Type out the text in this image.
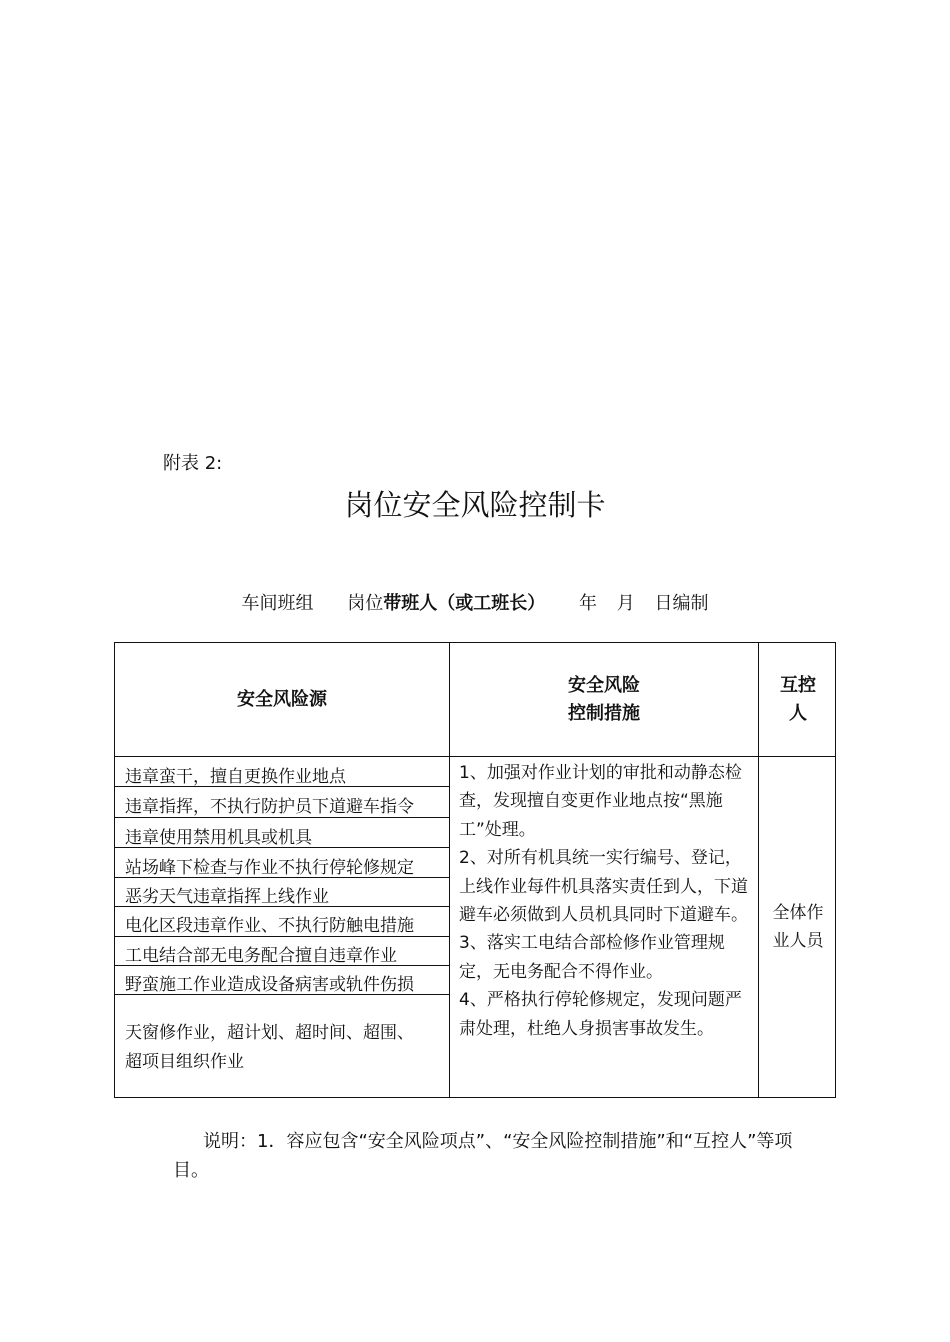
附表 2:
岗位安全风险控制卡
车间班组 岗位带班人（或工班长） 年 月 日编制
安全风险源
安全风险
控制措施
互控
人
违章蛮干，擅自更换作业地点
违章指挥，不执行防护员下道避车指令
违章使用禁用机具或机具
站场峰下检查与作业不执行停轮修规定
恶劣天气违章指挥上线作业
电化区段违章作业、不执行防触电措施
工电结合部无电务配合擅自违章作业
野蛮施工作业造成设备病害或轨件伤损
天窗修作业，超计划、超时间、超围、
超项目组织作业

1、加强对作业计划的审批和动静态检查，发现擅自变更作业地点按“黑施工”处理。

2、对所有机具统一实行编号、登记，上线作业每件机具落实责任到人，下道避车必须做到人员机具同时下道避车。

3、落实工电结合部检修作业管理规定，无电务配合不得作业。

4、严格执行停轮修规定，发现问题严肃处理，杜绝人身损害事故发生。

全体作
业人员
说明：1．容应包含“安全风险项点”、“安全风险控制措施”和“互控人”等项目。
